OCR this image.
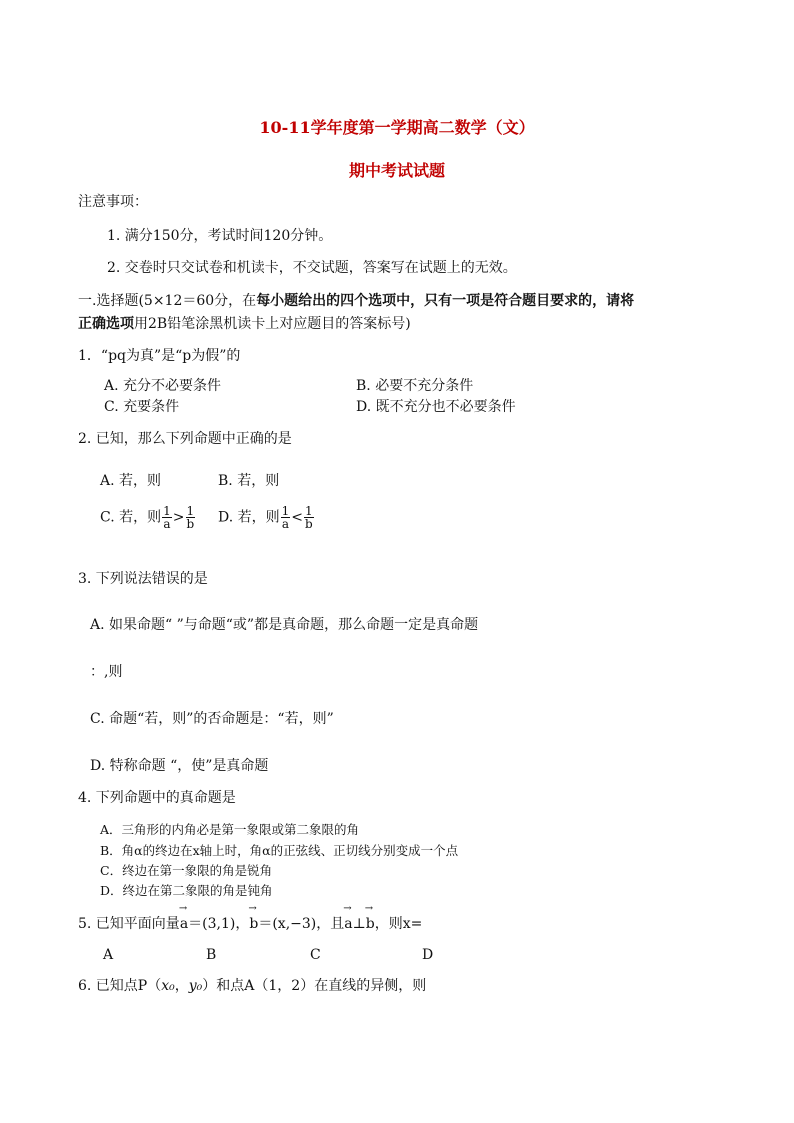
10-11学年度第一学期高二数学（文）
期中考试试题
注意事项：
1. 满分150分，考试时间120分钟。
2. 交卷时只交试卷和机读卡，不交试题，答案写在试题上的无效。
一.选择题(5×12＝60分，在每小题给出的四个选项中，只有一项是符合题目要求的，请将
正确选项用2B铅笔涂黑机读卡上对应题目的答案标号)
1．“pq为真”是“p为假”的
A. 充分不必要条件	B. 必要不充分条件
C. 充要条件	D. 既不充分也不必要条件
2. 已知，那么下列命题中正确的是
A. 若，则	B. 若，则
C. 若，则 $\frac{1}{a} > \frac{1}{b} D$. 若，则 $\frac{1}{a} < \frac{1}{b}$
3. 下列说法错误的是
A. 如果命题“ ”与命题“或”都是真命题，那么命题一定是真命题
：,则
C. 命题“若，则”的否命题是：“若，则”
D. 特称命题 “，使”是真命题
4. 下列命题中的真命题是
A．三角形的内角必是第一象限或第二象限的角
B．角α的终边在x轴上时，角α的正弦线、正切线分别变成一个点
C．终边在第一象限的角是锐角
D．终边在第二象限的角是钝角
5. 已知平面向量→ a＝(3,1)，→ b＝(x,−3)，且→ a⊥→ b，则x=
A	B	C	D
6. 已知点P（x₀，y₀）和点A（1，2）在直线的异侧，则
